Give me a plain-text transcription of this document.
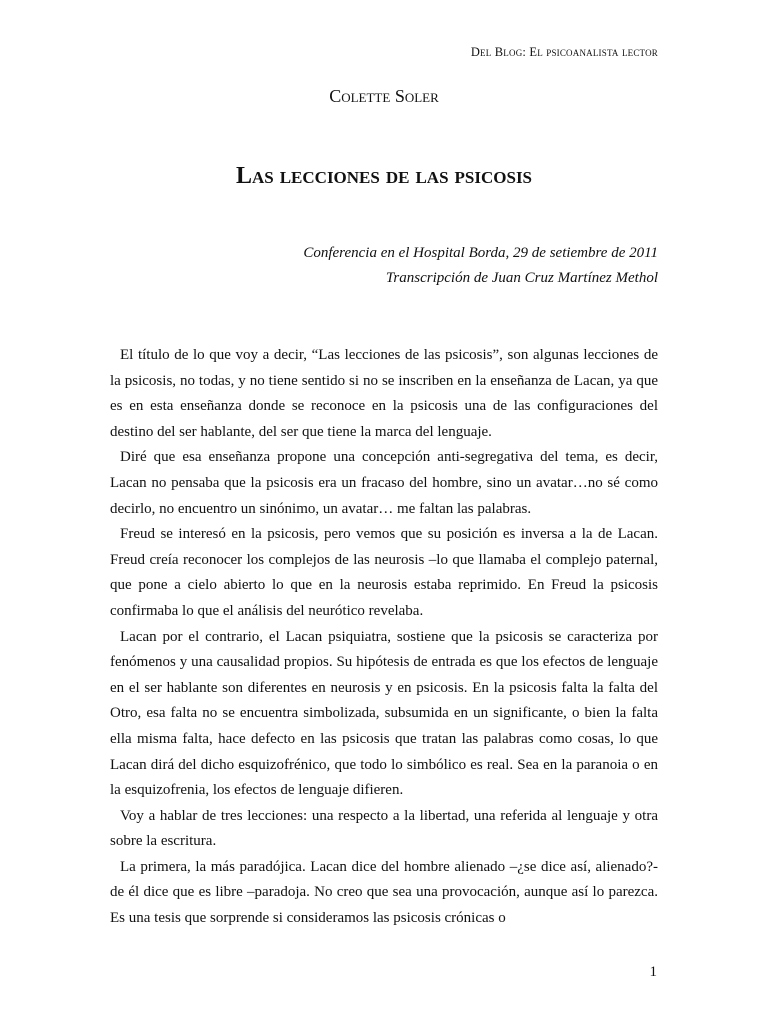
Del Blog: El psicoanalista lector
Colette Soler
Las lecciones de las psicosis
Conferencia en el Hospital Borda, 29 de setiembre de 2011
Transcripción de Juan Cruz Martínez Methol

El título de lo que voy a decir, “Las lecciones de las psicosis”, son algunas lecciones de la psicosis, no todas, y no tiene sentido si no se inscriben en la enseñanza de Lacan, ya que es en esta enseñanza donde se reconoce en la psicosis una de las configuraciones del destino del ser hablante, del ser que tiene la marca del lenguaje.

Diré que esa enseñanza propone una concepción anti-segregativa del tema, es decir, Lacan no pensaba que la psicosis era un fracaso del hombre, sino un avatar…no sé como decirlo, no encuentro un sinónimo, un avatar… me faltan las palabras.

Freud se interesó en la psicosis, pero vemos que su posición es inversa a la de Lacan. Freud creía reconocer los complejos de las neurosis –lo que llamaba el complejo paternal, que pone a cielo abierto lo que en la neurosis estaba reprimido. En Freud la psicosis confirmaba lo que el análisis del neurótico revelaba.

Lacan por el contrario, el Lacan psiquiatra, sostiene que la psicosis se caracteriza por fenómenos y una causalidad propios. Su hipótesis de entrada es que los efectos de lenguaje en el ser hablante son diferentes en neurosis y en psicosis. En la psicosis falta la falta del Otro, esa falta no se encuentra simbolizada, subsumida en un significante, o bien la falta ella misma falta, hace defecto en las psicosis que tratan las palabras como cosas, lo que Lacan dirá del dicho esquizofrénico, que todo lo simbólico es real. Sea en la paranoia o en la esquizofrenia, los efectos de lenguaje difieren.

Voy a hablar de tres lecciones: una respecto a la libertad, una referida al lenguaje y otra sobre la escritura.

La primera, la más paradójica. Lacan dice del hombre alienado –¿se dice así, alienado?- de él dice que es libre –paradoja. No creo que sea una provocación, aunque así lo parezca. Es una tesis que sorprende si consideramos las psicosis crónicas o

1
